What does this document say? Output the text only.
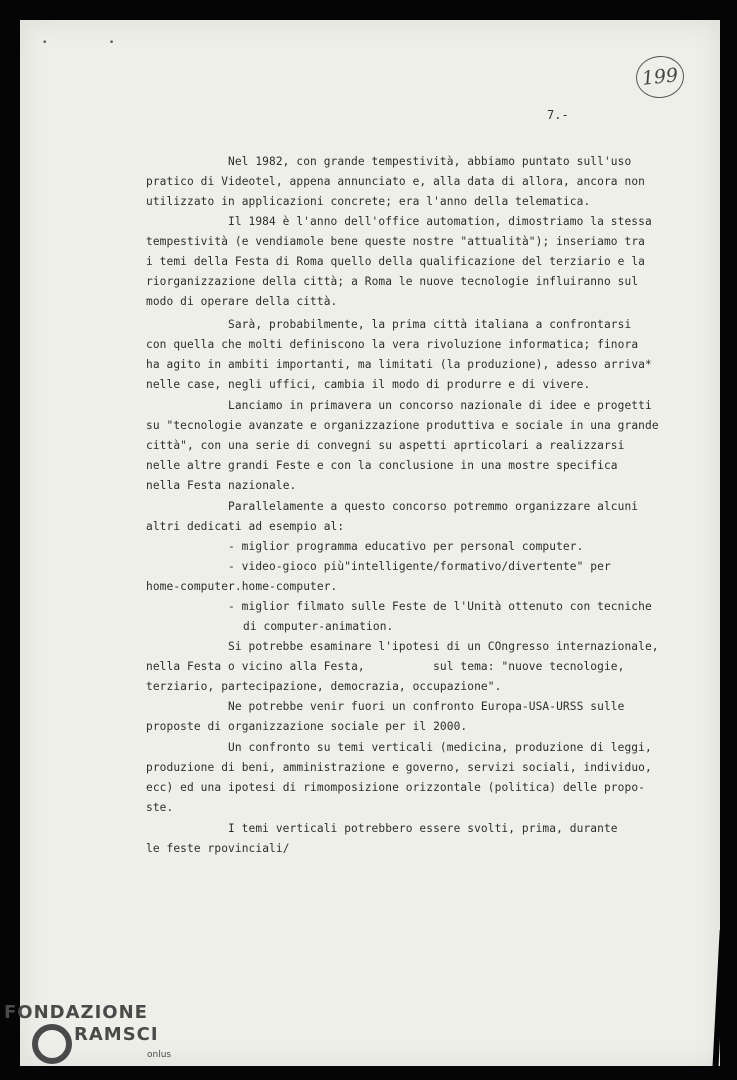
• •
199
7.-
Nel 1982, con grande tempestività, abbiamo puntato sull'uso
pratico di Videotel, appena annunciato e, alla data di allora, ancora non
utilizzato in applicazioni concrete; era l'anno della telematica.
Il 1984 è l'anno dell'office automation, dimostriamo la stessa
tempestività (e vendiamole bene queste nostre "attualità"); inseriamo tra
i temi della Festa di Roma quello della qualificazione del terziario e la
riorganizzazione della città; a Roma le nuove tecnologie influiranno sul
modo di operare della città.
Sarà, probabilmente, la prima città italiana a confrontarsi
con quella che molti definiscono la vera rivoluzione informatica; finora
ha agito in ambiti importanti, ma limitati (la produzione), adesso arriva*
nelle case, negli uffici, cambia il modo di produrre e di vivere.
Lanciamo in primavera un concorso nazionale di idee e progetti
su "tecnologie avanzate e organizzazione produttiva e sociale in una grande
città", con una serie di convegni su aspetti aprticolari a realizzarsi
nelle altre grandi Feste e con la conclusione in una mostre specifica
nella Festa nazionale.
Parallelamente a questo concorso potremmo organizzare alcuni
altri dedicati ad esempio al:
- miglior programma educativo per personal computer.
- video-gioco più"intelligente/formativo/divertente" per
home-computer.home-computer.
- miglior filmato sulle Feste de l'Unità ottenuto con tecniche
di computer-animation.
Si potrebbe esaminare l'ipotesi di un COngresso internazionale,
nella Festa o vicino alla Festa,          sul tema: "nuove tecnologie,
terziario, partecipazione, democrazia, occupazione".
Ne potrebbe venir fuori un confronto Europa-USA-URSS sulle
proposte di organizzazione sociale per il 2000.
Un confronto su temi verticali (medicina, produzione di leggi,
produzione di beni, amministrazione e governo, servizi sociali, individuo,
ecc) ed una ipotesi di rimomposizione orizzontale (politica) delle propo-
ste.
I temi verticali potrebbero essere svolti, prima, durante
le feste rpovinciali/
FONDAZIONE
RAMSCI
onlus
